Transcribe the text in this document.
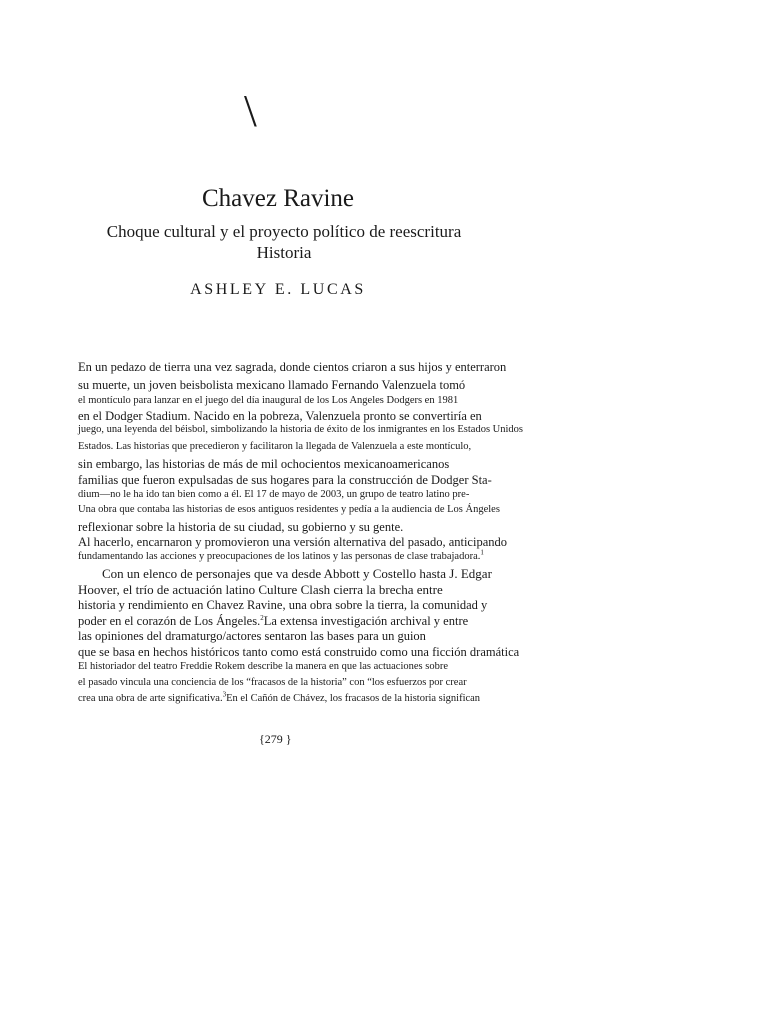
\
Chavez Ravine
Choque cultural y el proyecto político de reescritura
Historia
ASHLEY E. LUCAS
En un pedazo de tierra una vez sagrada, donde cientos criaron a sus hijos y enterraron
su muerte, un joven beisbolista mexicano llamado Fernando Valenzuela tomó
el montículo para lanzar en el juego del día inaugural de los Los Angeles Dodgers en 1981
en el Dodger Stadium. Nacido en la pobreza, Valenzuela pronto se convertiría en
juego, una leyenda del béisbol, simbolizando la historia de éxito de los inmigrantes en los Estados Unidos
Estados. Las historias que precedieron y facilitaron la llegada de Valenzuela a este montículo,
sin embargo, las historias de más de mil ochocientos mexicanoamericanos
familias que fueron expulsadas de sus hogares para la construcción de Dodger Sta-
dium—no le ha ido tan bien como a él. El 17 de mayo de 2003, un grupo de teatro latino pre-
Una obra que contaba las historias de esos antiguos residentes y pedía a la audiencia de Los Ángeles
reflexionar sobre la historia de su ciudad, su gobierno y su gente.
Al hacerlo, encarnaron y promovieron una versión alternativa del pasado, anticipando
fundamentando las acciones y preocupaciones de los latinos y las personas de clase trabajadora.$^1$
Con un elenco de personajes que va desde Abbott y Costello hasta J. Edgar
Hoover, el trío de actuación latino Culture Clash cierra la brecha entre
historia y rendimiento en Chavez Ravine, una obra sobre la tierra, la comunidad y
poder en el corazón de Los Ángeles.$^2$La extensa investigación archival y entre
las opiniones del dramaturgo/actores sentaron las bases para un guion
que se basa en hechos históricos tanto como está construido como una ficción dramática
El historiador del teatro Freddie Rokem describe la manera en que las actuaciones sobre
el pasado vincula una conciencia de los “fracasos de la historia” con “los esfuerzos por crear
crea una obra de arte significativa.$^3$En el Cañón de Chávez, los fracasos de la historia significan
{279 }
